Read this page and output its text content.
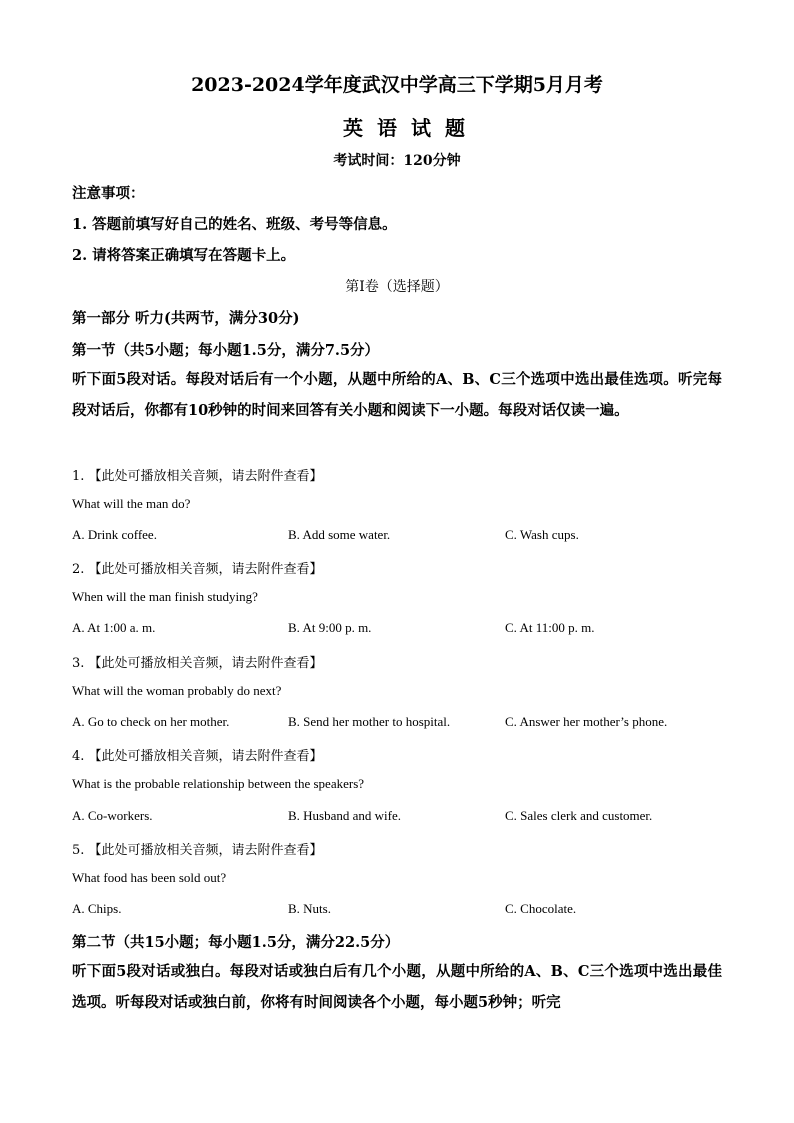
2023-2024学年度武汉中学高三下学期5月月考
英语试题
考试时间：120分钟
注意事项：
1. 答题前填写好自己的姓名、班级、考号等信息。
2. 请将答案正确填写在答题卡上。
第I卷（选择题）
第一部分 听力(共两节，满分30分)
第一节（共5小题；每小题1.5分，满分7.5分）
听下面5段对话。每段对话后有一个小题，从题中所给的A、B、C三个选项中选出最佳选项。听完每段对话后，你都有10秒钟的时间来回答有关小题和阅读下一小题。每段对话仅读一遍。
1. 【此处可播放相关音频，请去附件查看】
What will the man do?
A. Drink coffee.	B. Add some water.	C. Wash cups.
2. 【此处可播放相关音频，请去附件查看】
When will the man finish studying?
A. At 1:00 a. m.	B. At 9:00 p. m.	C. At 11:00 p. m.
3. 【此处可播放相关音频，请去附件查看】
What will the woman probably do next?
A. Go to check on her mother.	B. Send her mother to hospital.	C. Answer her mother’s phone.
4. 【此处可播放相关音频，请去附件查看】
What is the probable relationship between the speakers?
A. Co-workers.	B. Husband and wife.	C. Sales clerk and customer.
5. 【此处可播放相关音频，请去附件查看】
What food has been sold out?
A. Chips.	B. Nuts.	C. Chocolate.
第二节（共15小题；每小题1.5分，满分22.5分）
听下面5段对话或独白。每段对话或独白后有几个小题，从题中所给的A、B、C三个选项中选出最佳选项。听每段对话或独白前，你将有时间阅读各个小题，每小题5秒钟；听完
